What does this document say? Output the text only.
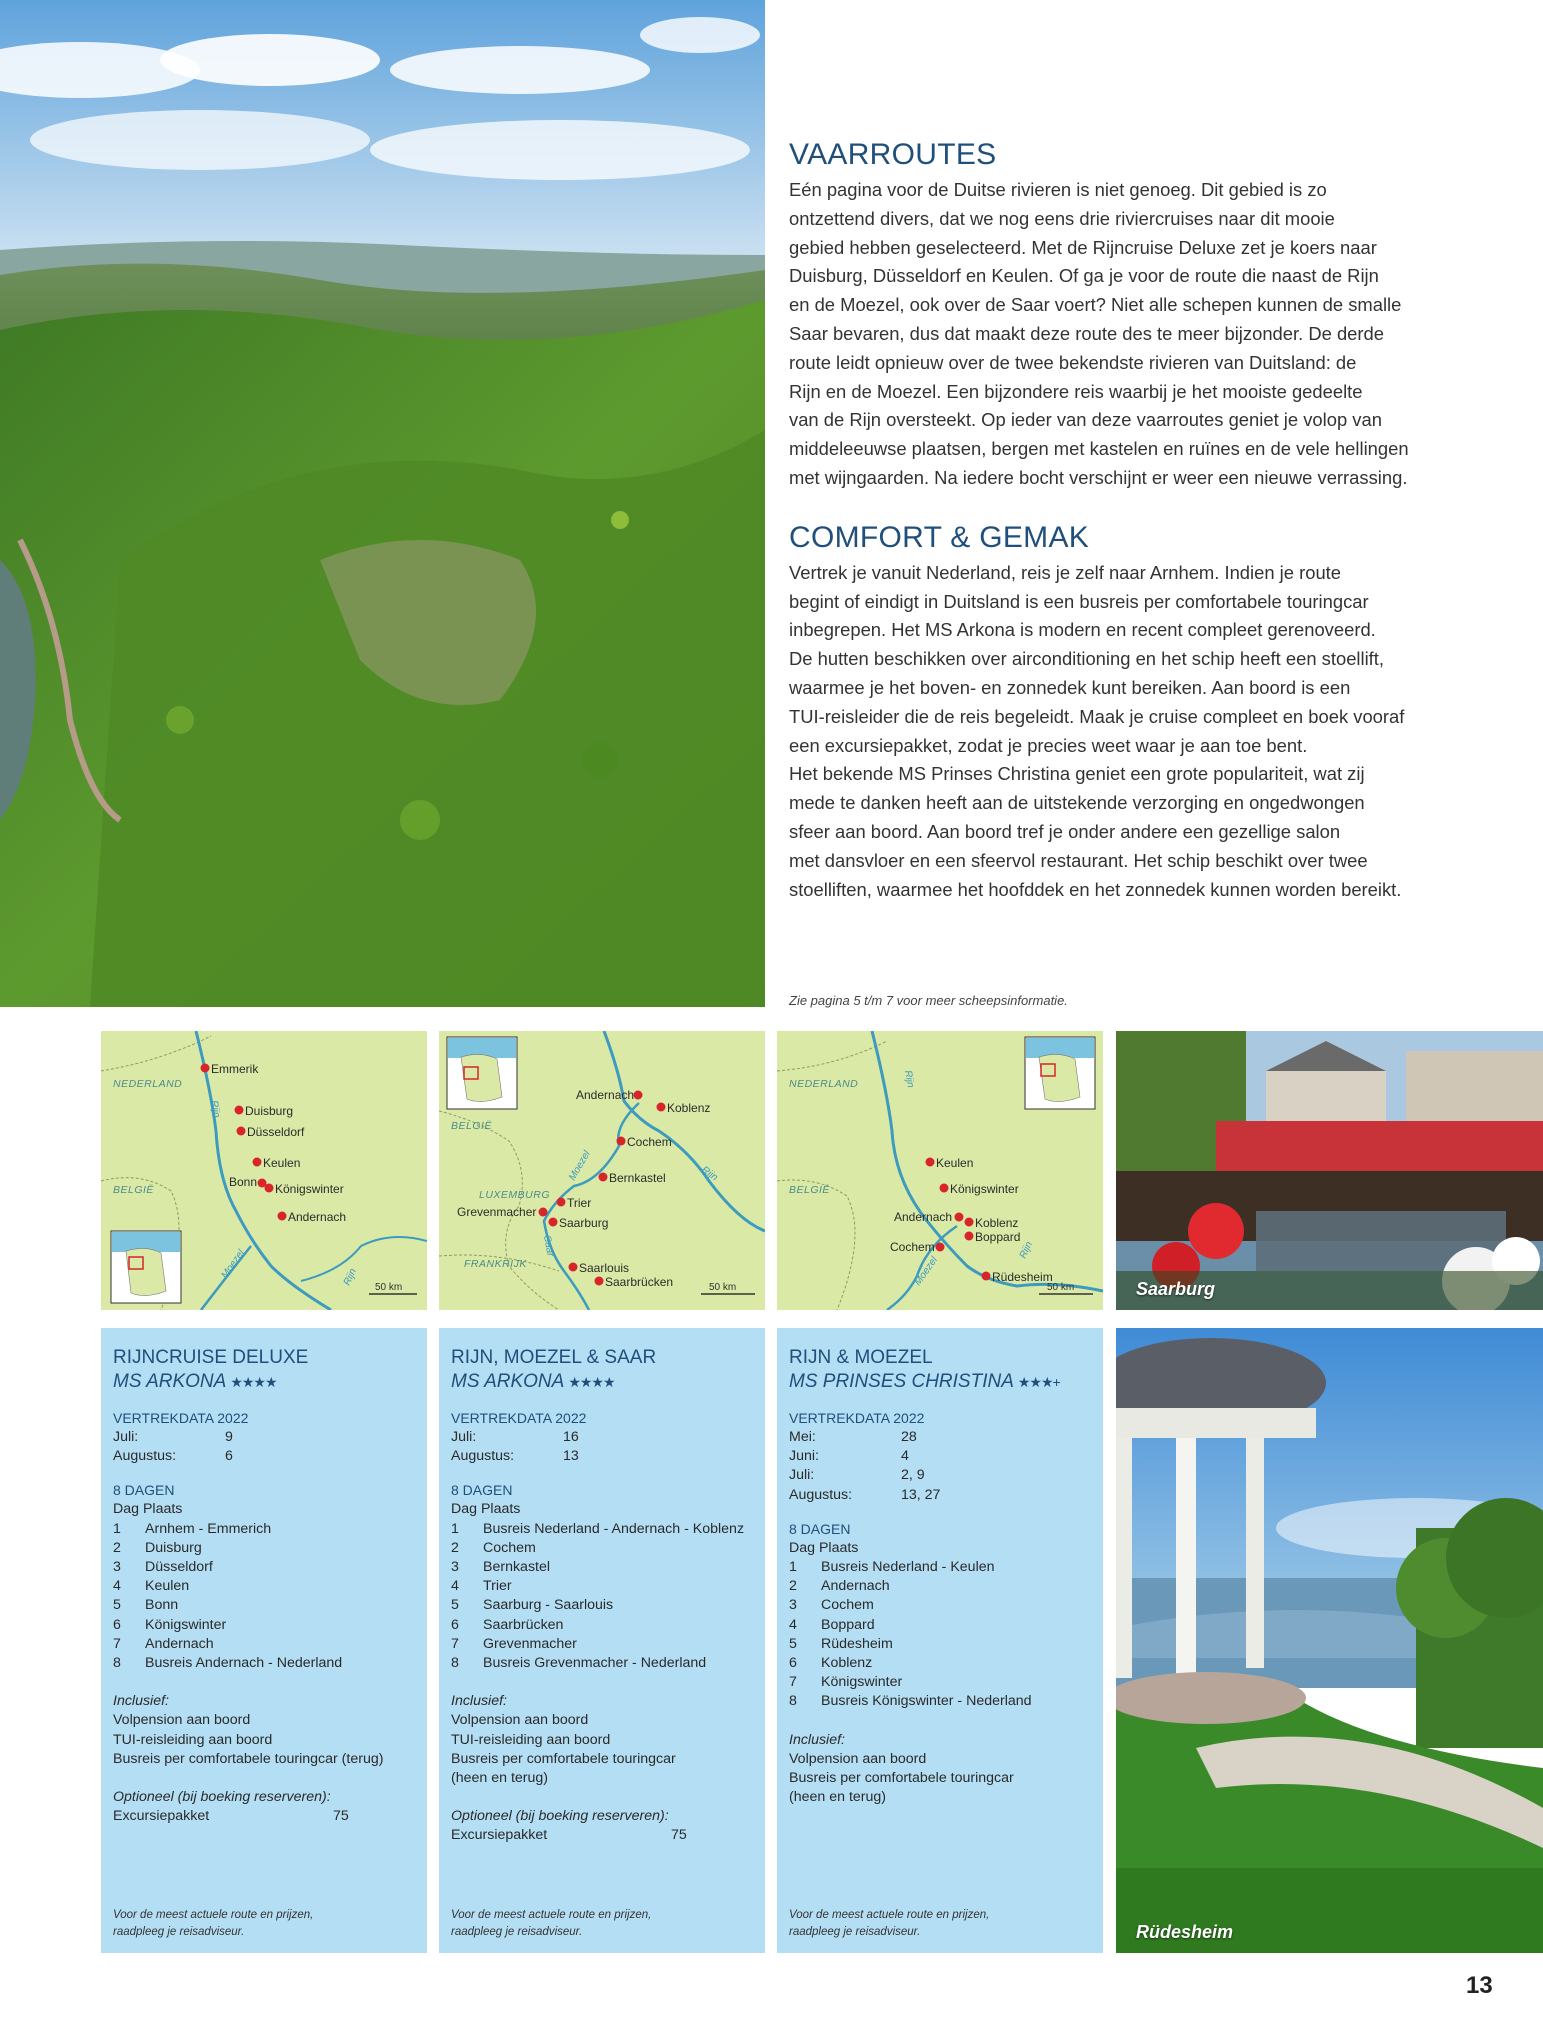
VAARROUTES

Eén pagina voor de Duitse rivieren is niet genoeg. Dit gebied is zo
ontzettend divers, dat we nog eens drie riviercruises naar dit mooie
gebied hebben geselecteerd. Met de Rijncruise Deluxe zet je koers naar
Duisburg, Düsseldorf en Keulen. Of ga je voor de route die naast de Rijn
en de Moezel, ook over de Saar voert? Niet alle schepen kunnen de smalle
Saar bevaren, dus dat maakt deze route des te meer bijzonder. De derde
route leidt opnieuw over de twee bekendste rivieren van Duitsland: de
Rijn en de Moezel. Een bijzondere reis waarbij je het mooiste gedeelte
van de Rijn oversteekt. Op ieder van deze vaarroutes geniet je volop van
middeleeuwse plaatsen, bergen met kastelen en ruïnes en de vele hellingen
met wijngaarden. Na iedere bocht verschijnt er weer een nieuwe verrassing.

COMFORT & GEMAK

Vertrek je vanuit Nederland, reis je zelf naar Arnhem. Indien je route
begint of eindigt in Duitsland is een busreis per comfortabele touringcar
inbegrepen. Het MS Arkona is modern en recent compleet gerenoveerd.
De hutten beschikken over airconditioning en het schip heeft een stoellift,
waarmee je het boven- en zonnedek kunt bereiken. Aan boord is een
TUI-reisleider die de reis begeleidt. Maak je cruise compleet en boek vooraf
een excursiepakket, zodat je precies weet waar je aan toe bent.
Het bekende MS Prinses Christina geniet een grote populariteit, wat zij
mede te danken heeft aan de uitstekende verzorging en ongedwongen
sfeer aan boord. Aan boord tref je onder andere een gezellige salon
met dansvloer en een sfeervol restaurant. Het schip beschikt over twee
stoelliften, waarmee het hoofddek en het zonnedek kunnen worden bereikt.

Zie pagina 5 t/m 7 voor meer scheepsinformatie.
NEDERLAND
BELGIË
Rijn
Moezel	Rijn
Emmerik
Duisburg
Düsseldorf
Keulen
Bonn Königswinter
Andernach
50 km
BELGIË
LUXEMBURG
FRANKRIJK
Rijn
Moezel
Saar
Andernach
Koblenz
Cochem
Bernkastel
Trier
Grevenmacher
Saarburg
Saarlouis
Saarbrücken	50 km
NEDERLAND
BELGIË
Rijn
Moezel
Rijn
Keulen
Königswinter
Andernach Koblenz
Boppard
Cochem
Rüdesheim
50 km	Saarburg
Rüdesheim
RIJNCRUISE DELUXE
MS ARKONA ★★★★
VERTREKDATA 2022
Juli:	9
Augustus:	6
8 DAGEN
Dag Plaats
1	Arnhem - Emmerich
2	Duisburg
3	Düsseldorf
4	Keulen
5	Bonn
6	Königswinter
7	Andernach
8	Busreis Andernach - Nederland
Inclusief:
Volpension aan boord
TUI-reisleiding aan boord
Busreis per comfortabele touringcar (terug)
Optioneel (bij boeking reserveren):
Excursiepakket	75
Voor de meest actuele route en prijzen,
raadpleeg je reisadviseur.
RIJN, MOEZEL & SAAR
MS ARKONA ★★★★
VERTREKDATA 2022
Juli:	16
Augustus:	13
8 DAGEN
Dag Plaats
1	Busreis Nederland - Andernach - Koblenz
2	Cochem
3	Bernkastel
4	Trier
5	Saarburg - Saarlouis
6	Saarbrücken
7	Grevenmacher
8	Busreis Grevenmacher - Nederland
Inclusief:
Volpension aan boord
TUI-reisleiding aan boord
Busreis per comfortabele touringcar
(heen en terug)
Optioneel (bij boeking reserveren):
Excursiepakket	75
Voor de meest actuele route en prijzen,
raadpleeg je reisadviseur.
RIJN & MOEZEL
MS PRINSES CHRISTINA ★★★+
VERTREKDATA 2022
Mei:	28
Juni:	4
Juli:	2, 9
Augustus:	13, 27
8 DAGEN
Dag Plaats
1	Busreis Nederland - Keulen
2	Andernach
3	Cochem
4	Boppard
5	Rüdesheim
6	Koblenz
7	Königswinter
8	Busreis Königswinter - Nederland
Inclusief:
Volpension aan boord
Busreis per comfortabele touringcar
(heen en terug)
Voor de meest actuele route en prijzen,
raadpleeg je reisadviseur.
13
